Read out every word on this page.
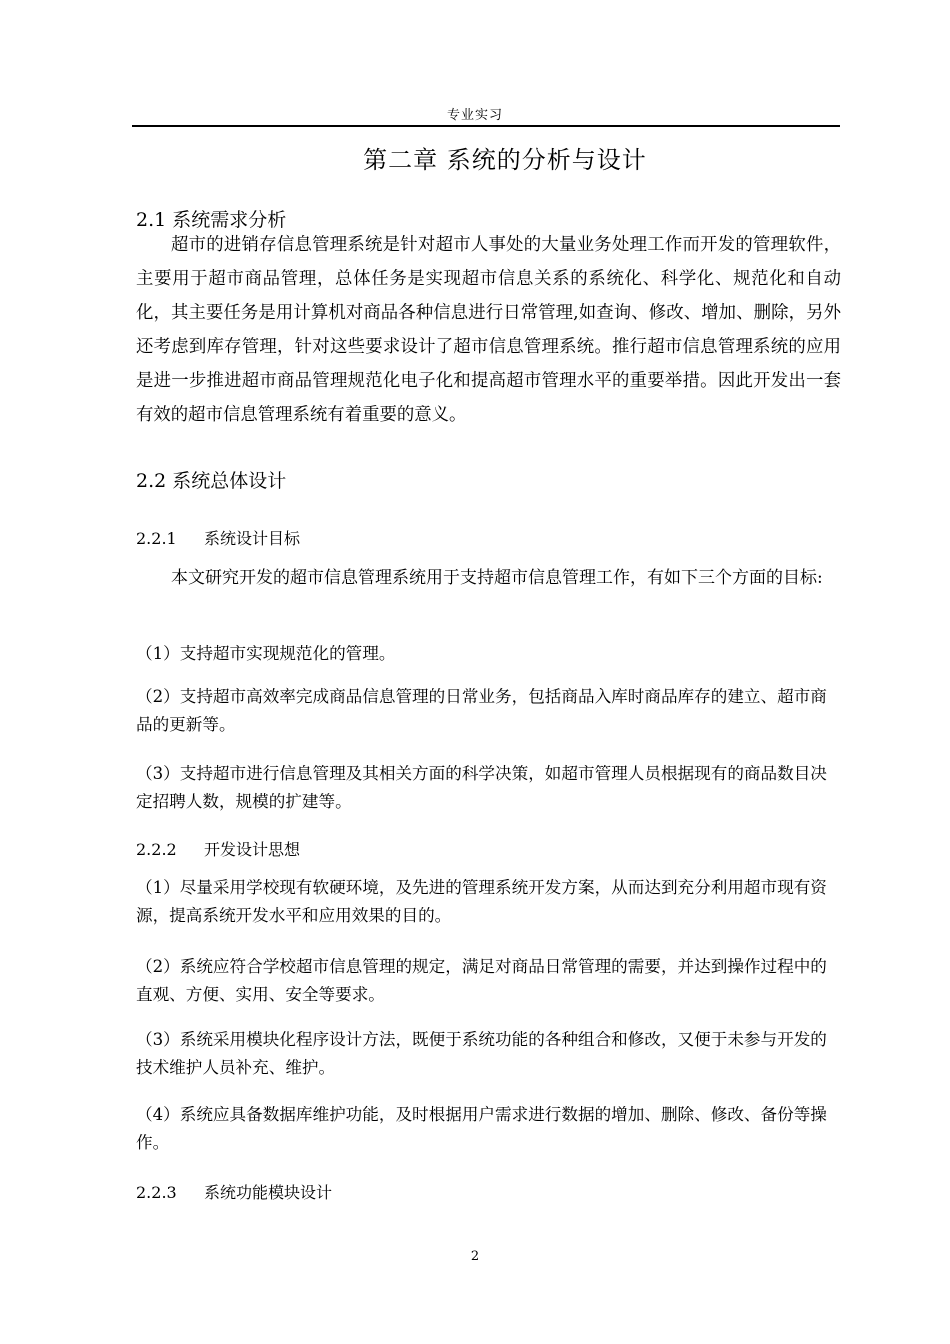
专业实习
第二章 系统的分析与设计
2.1 系统需求分析

超市的进销存信息管理系统是针对超市人事处的大量业务处理工作而开发的管理软件，主要用于超市商品管理，总体任务是实现超市信息关系的系统化、科学化、规范化和自动化，其主要任务是用计算机对商品各种信息进行日常管理,如查询、修改、增加、删除，另外还考虑到库存管理，针对这些要求设计了超市信息管理系统。推行超市信息管理系统的应用是进一步推进超市商品管理规范化电子化和提高超市管理水平的重要举措。因此开发出一套有效的超市信息管理系统有着重要的意义。

2.2 系统总体设计
2.2.1 系统设计目标

本文研究开发的超市信息管理系统用于支持超市信息管理工作，有如下三个方面的目标:

（1）支持超市实现规范化的管理。

（2）支持超市高效率完成商品信息管理的日常业务，包括商品入库时商品库存的建立、超市商品的更新等。

（3）支持超市进行信息管理及其相关方面的科学决策，如超市管理人员根据现有的商品数目决定招聘人数，规模的扩建等。

2.2.2 开发设计思想

（1）尽量采用学校现有软硬环境，及先进的管理系统开发方案，从而达到充分利用超市现有资源，提高系统开发水平和应用效果的目的。

（2）系统应符合学校超市信息管理的规定，满足对商品日常管理的需要，并达到操作过程中的直观、方便、实用、安全等要求。

（3）系统采用模块化程序设计方法，既便于系统功能的各种组合和修改，又便于未参与开发的技术维护人员补充、维护。

（4）系统应具备数据库维护功能，及时根据用户需求进行数据的增加、删除、修改、备份等操作。

2.2.3 系统功能模块设计
2
